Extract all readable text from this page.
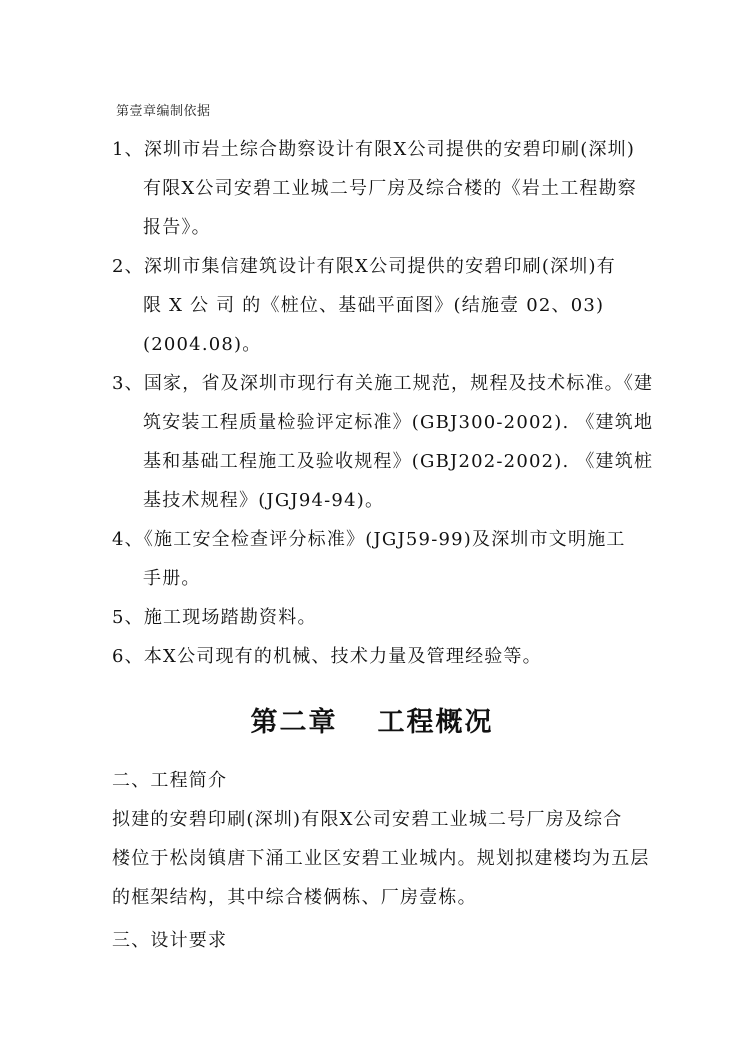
第壹章编制依据
1、深圳市岩土综合勘察设计有限X公司提供的安碧印刷(深圳)
有限X公司安碧工业城二号厂房及综合楼的《岩土工程勘察
报告》。
2、深圳市集信建筑设计有限X公司提供的安碧印刷(深圳)有
限 X 公 司 的《桩位、基础平面图》(结施壹 02、03)
(2004.08)。
3、国家，省及深圳市现行有关施工规范，规程及技术标准。《建
筑安装工程质量检验评定标准》(GBJ300-2002). 《建筑地
基和基础工程施工及验收规程》(GBJ202-2002). 《建筑桩
基技术规程》(JGJ94-94)。
4、《施工安全检查评分标准》(JGJ59-99)及深圳市文明施工
手册。
5、施工现场踏勘资料。
6、本X公司现有的机械、技术力量及管理经验等。
第二章 工程概况
二、工程简介
拟建的安碧印刷(深圳)有限X公司安碧工业城二号厂房及综合
楼位于松岗镇唐下涌工业区安碧工业城内。规划拟建楼均为五层
的框架结构，其中综合楼俩栋、厂房壹栋。
三、设计要求
